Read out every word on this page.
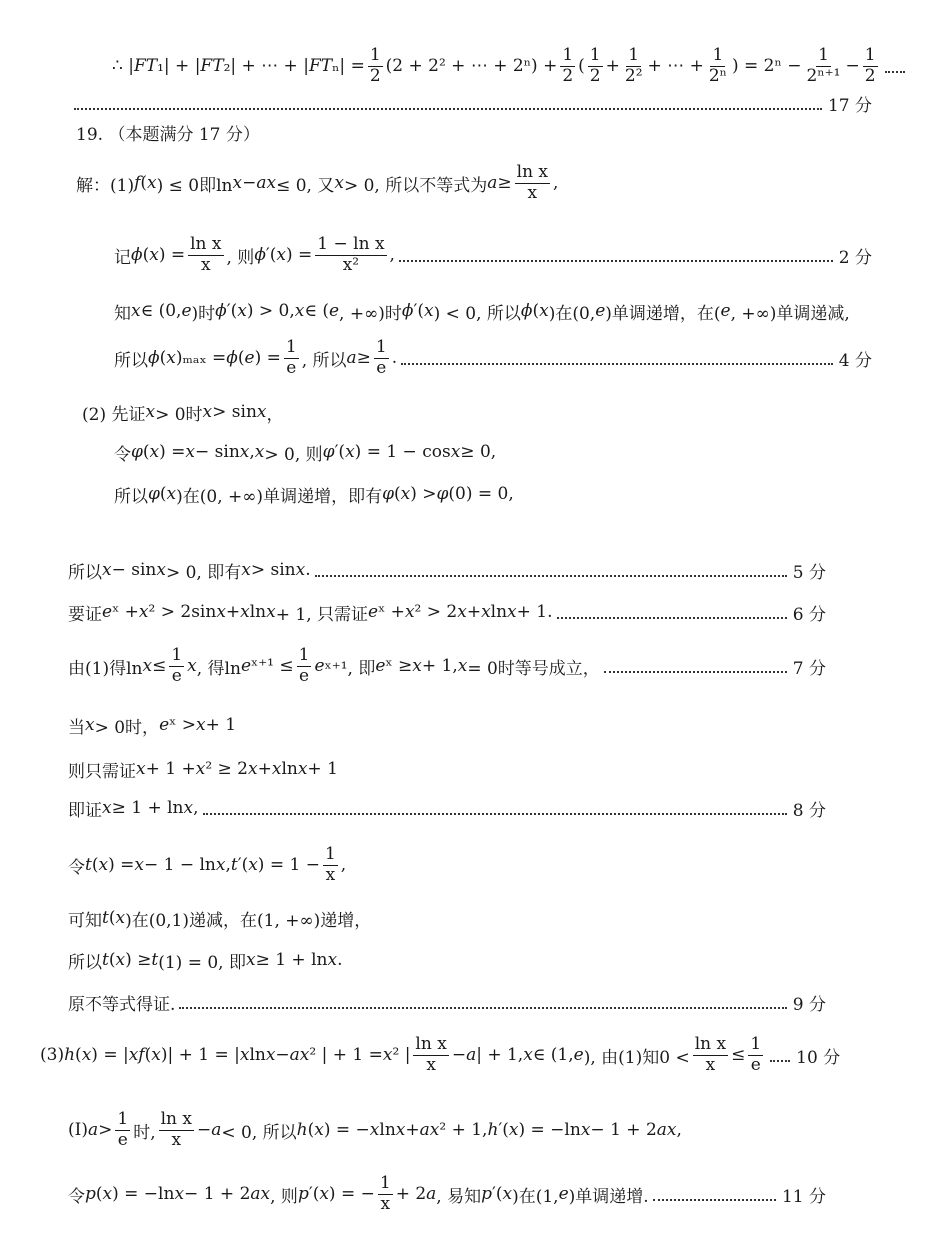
∴ | FT ₁| + | FT ₂| + ⋯ + | FT $_n| = \frac{1}{2} (2 + 2^2$ + ⋯ + $2^n) + \frac{1}{2}$ ( $\frac{1}{2} + \frac{1}{\text{2²}}$ + ⋯ + $\frac{1}{\text{2ⁿ}}$ ) = $2^n - \frac{1}{\text{2ⁿ⁺¹}} - \frac{1}{2}$
17 分
19. （本题满分 17 分）
解：(1) f ( x ) ≤ 0即ln x − ax ≤ 0, 又 x > 0, 所以不等式为 $a \ge \frac{\text{ln x}}{x}$ ,
记 ϕ ( x ) = $\frac{\text{ln x}}{x}$ , 则 ϕ ′( x ) = $\frac{\text{1 − ln x}}{\text{x²}}$ ,	2 分
知 x ∈ (0, e )时 ϕ ′( x ) > 0, x ∈ ( e , +∞)时 ϕ ′( x ) < 0, 所以 ϕ ( x )在(0, e )单调递增，在( e , +∞)单调递减,
所以 ϕ ( x )ₘₐₓ = ϕ ( e ) = $\frac{1}{e}$ , 所以 $a \ge \frac{1}{e}$ .	4 分
(2) 先证 x > 0时 x > sin x ，
令 φ ( x ) = x − sin x , x > 0, 则 φ ′( x ) = 1 − cos x ≥ 0,
所以 φ ( x )在(0, +∞)单调递增，即有 φ ( x ) > φ (0) = 0,
所以 x − sin x > 0, 即有 x > sin x .	5 分
要证 e ˣ + x ² > 2sin x + x ln x + 1, 只需证 e ˣ + x ² > 2 x + x ln x + 1.	6 分
由(1)得$\ln x \le \frac{1}{e}$ x , 得ln e ˣ⁺¹ ≤ $\frac{1}{e}$ e ˣ⁺¹, 即 e ˣ ≥ x + 1, x = 0时等号成立，	7 分
当 x > 0时， e ˣ > x + 1
则只需证 x + 1 + x ² ≥ 2 x + x ln x + 1
即证 x ≥ 1 + ln x ,	8 分
令 t ( x ) = x − 1 − ln x , t ′( x ) = $1 - \frac{1}{x}$ ,
可知 t ( x )在(0,1)递减，在(1, +∞)递增，
所以 t ( x ) ≥ t (1) = 0, 即 x ≥ 1 + ln x .
原不等式得证.	9 分
(3) h ( x ) = | xf ( x )| + 1 = | x ln x − ax ² | + 1 = x ² | $\frac{\text{ln x}}{x} - a$ | + 1, x ∈ (1, e ), 由(1)知$0 < \frac{\text{ln x}}{x} \le \frac{1}{e} 10$ 分
(I) $a > \frac{1}{e}$ 时, $\frac{\text{ln x}}{x} - a < 0$, 所以 h ( x ) = − x ln x + ax ² + 1, h ′( x ) = −ln x − 1 + 2 ax ,
令 p ( x ) = −ln x − 1 + 2 ax , 则 p ′( x ) = − $\frac{1}{x} + 2$ a , 易知 p ′( x )在(1, e )单调递增.	11 分
